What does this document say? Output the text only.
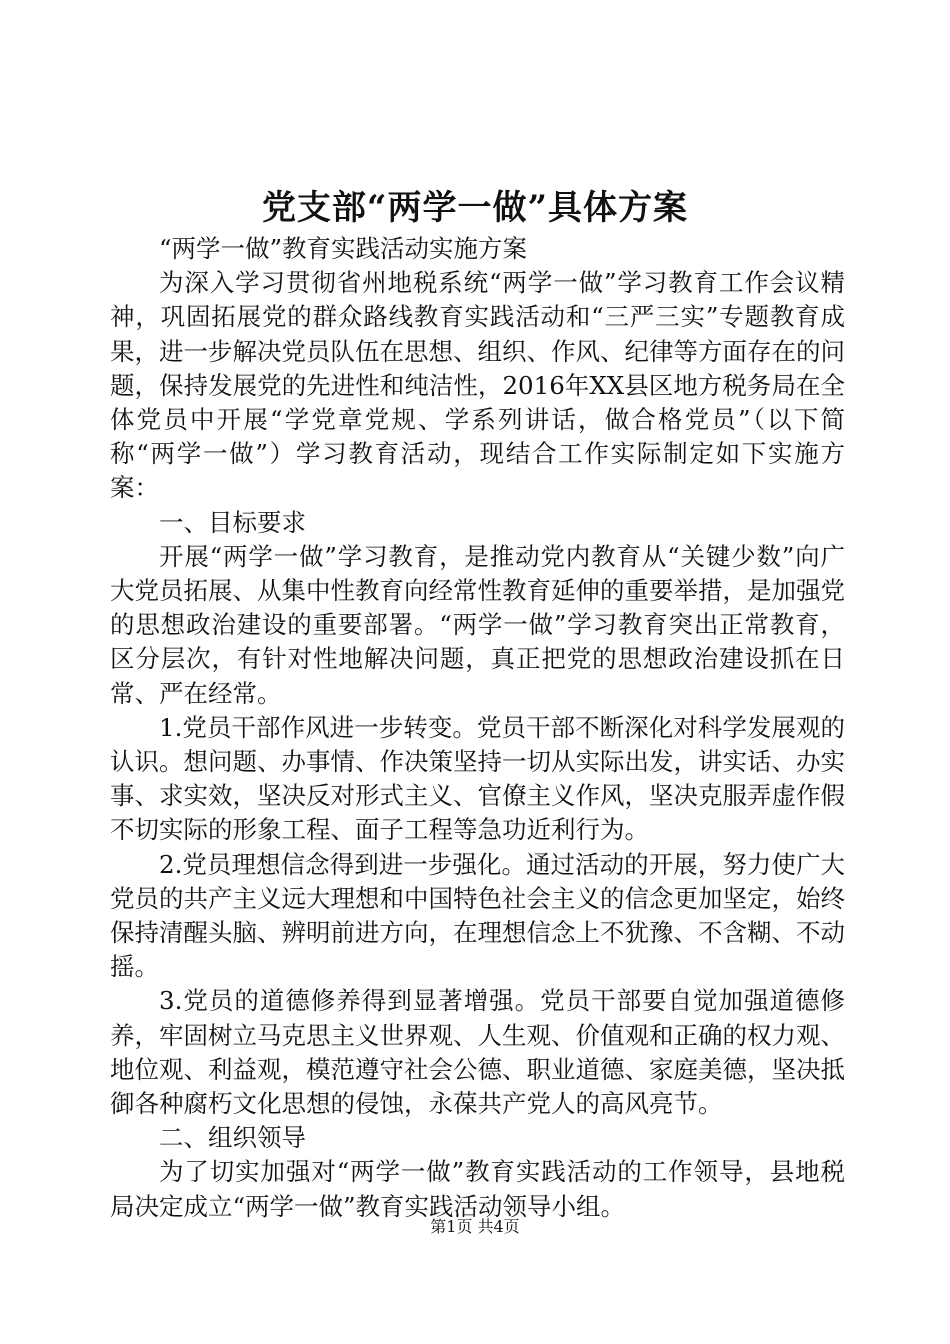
党支部“两学一做”具体方案

“两学一做”教育实践活动实施方案

为深入学习贯彻省州地税系统“两学一做”学习教育工作会议精神，巩固拓展党的群众路线教育实践活动和“三严三实”专题教育成果，进一步解决党员队伍在思想、组织、作风、纪律等方面存在的问题，保持发展党的先进性和纯洁性，2016年XX县区地方税务局在全体党员中开展“学党章党规、学系列讲话，做合格党员”（以下简称“两学一做”）学习教育活动，现结合工作实际制定如下实施方案：

一、目标要求

开展“两学一做”学习教育，是推动党内教育从“关键少数”向广大党员拓展、从集中性教育向经常性教育延伸的重要举措，是加强党的思想政治建设的重要部署。“两学一做”学习教育突出正常教育，区分层次，有针对性地解决问题，真正把党的思想政治建设抓在日常、严在经常。

1.党员干部作风进一步转变。党员干部不断深化对科学发展观的认识。想问题、办事情、作决策坚持一切从实际出发，讲实话、办实事、求实效，坚决反对形式主义、官僚主义作风，坚决克服弄虚作假不切实际的形象工程、面子工程等急功近利行为。

2.党员理想信念得到进一步强化。通过活动的开展，努力使广大党员的共产主义远大理想和中国特色社会主义的信念更加坚定，始终保持清醒头脑、辨明前进方向，在理想信念上不犹豫、不含糊、不动摇。

3.党员的道德修养得到显著增强。党员干部要自觉加强道德修养，牢固树立马克思主义世界观、人生观、价值观和正确的权力观、地位观、利益观，模范遵守社会公德、职业道德、家庭美德，坚决抵御各种腐朽文化思想的侵蚀，永葆共产党人的高风亮节。

二、组织领导

为了切实加强对“两学一做”教育实践活动的工作领导，县地税局决定成立“两学一做”教育实践活动领导小组。

第1页 共4页
